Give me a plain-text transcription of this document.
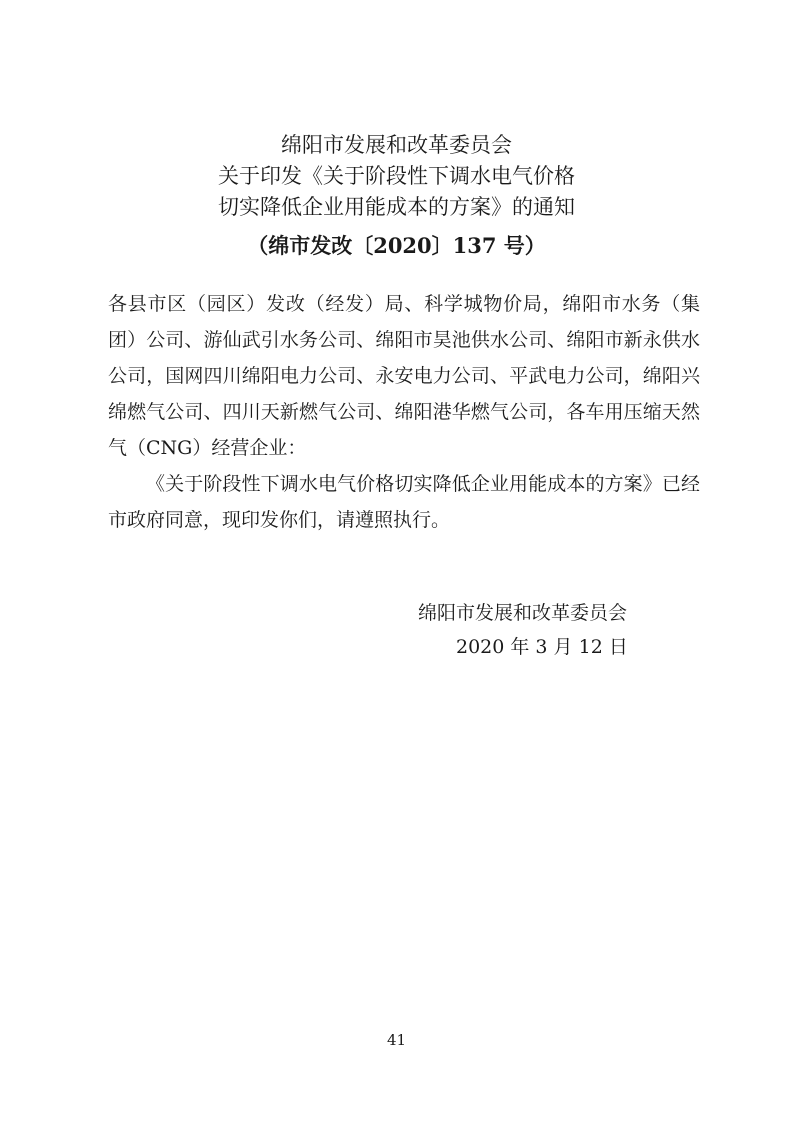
绵阳市发展和改革委员会
关于印发《关于阶段性下调水电气价格
切实降低企业用能成本的方案》的通知
（绵市发改〔2020〕137 号）

各县市区（园区）发改（经发）局、科学城物价局，绵阳市水务（集团）公司、游仙武引水务公司、绵阳市昊池供水公司、绵阳市新永供水公司，国网四川绵阳电力公司、永安电力公司、平武电力公司，绵阳兴绵燃气公司、四川天新燃气公司、绵阳港华燃气公司，各车用压缩天然气（CNG）经营企业：

《关于阶段性下调水电气价格切实降低企业用能成本的方案》已经市政府同意，现印发你们，请遵照执行。

绵阳市发展和改革委员会
2020 年 3 月 12 日
41
